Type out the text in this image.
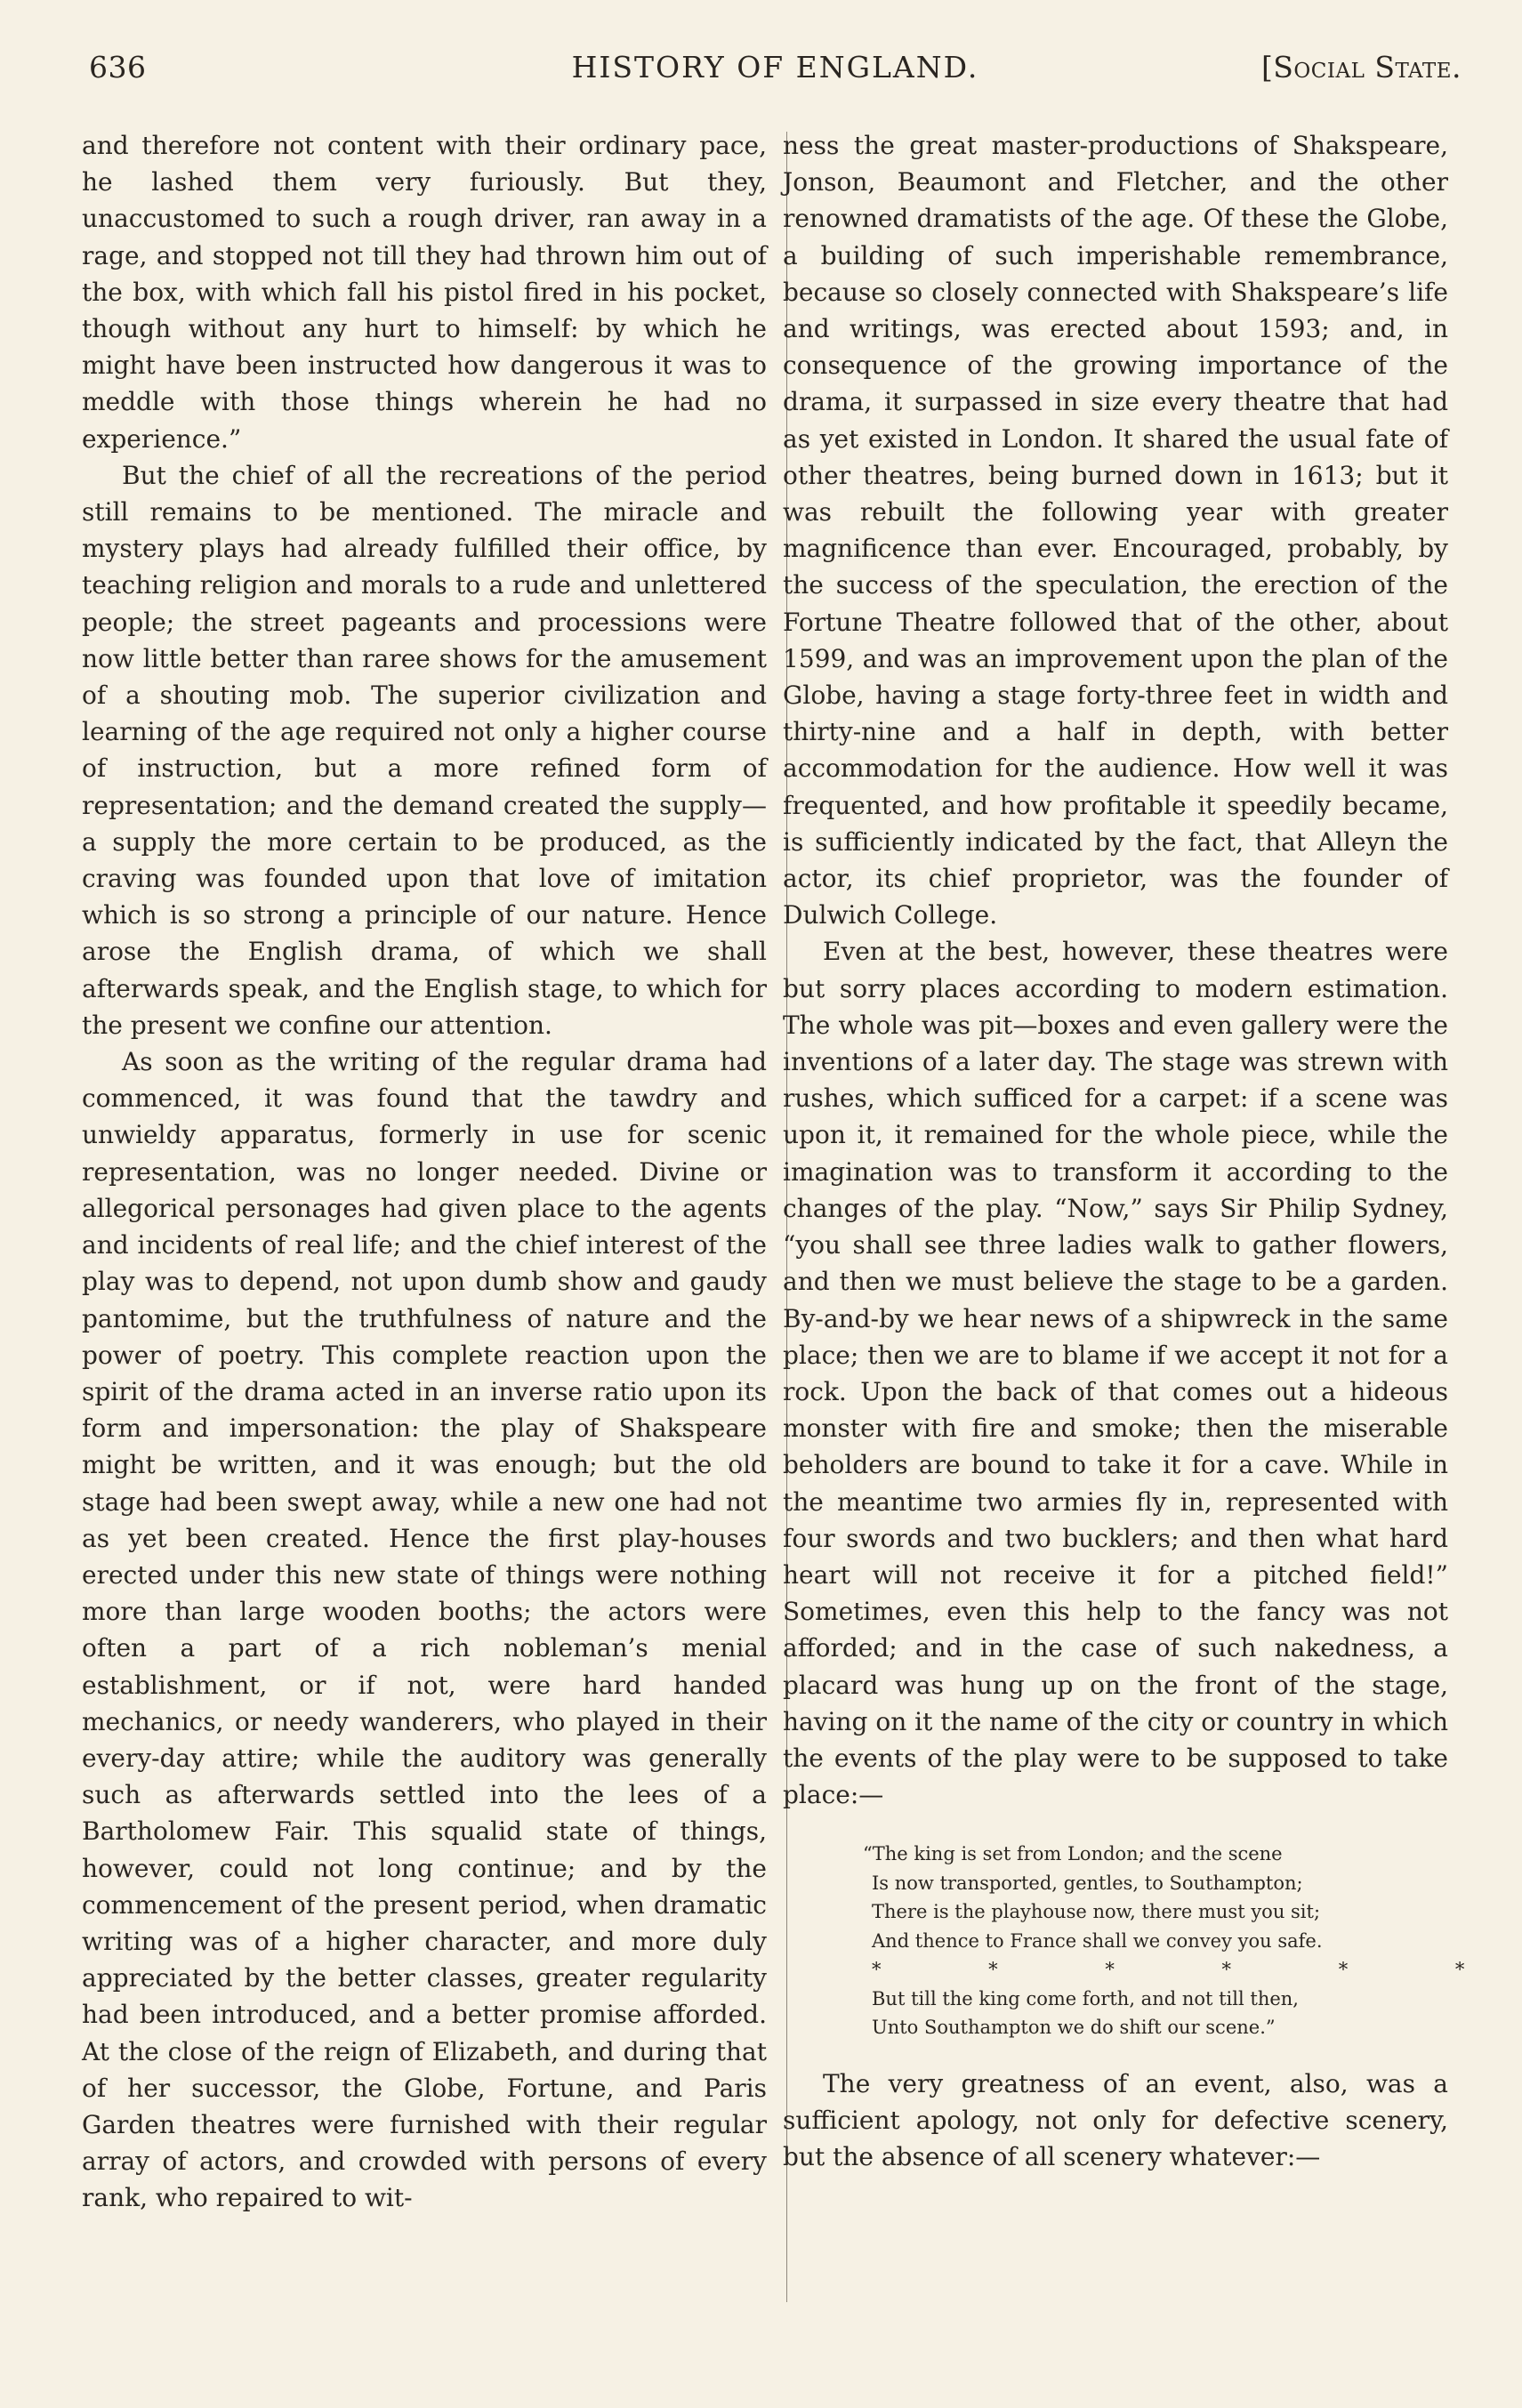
636	HISTORY OF ENGLAND.	[Social State.

and therefore not content with their ordinary pace, he lashed them very furiously. But they, unaccustomed to such a rough driver, ran away in a rage, and stopped not till they had thrown him out of the box, with which fall his pistol fired in his pocket, though without any hurt to himself: by which he might have been instructed how dangerous it was to meddle with those things wherein he had no experience.”

But the chief of all the recreations of the period still remains to be mentioned. The miracle and mystery plays had already fulfilled their office, by teaching religion and morals to a rude and unlettered people; the street pageants and processions were now little better than raree shows for the amusement of a shouting mob. The superior civilization and learning of the age required not only a higher course of instruction, but a more refined form of representation; and the demand created the supply—a supply the more certain to be produced, as the craving was founded upon that love of imitation which is so strong a principle of our nature. Hence arose the English drama, of which we shall afterwards speak, and the English stage, to which for the present we confine our attention.

As soon as the writing of the regular drama had commenced, it was found that the tawdry and unwieldy apparatus, formerly in use for scenic representation, was no longer needed. Divine or allegorical personages had given place to the agents and incidents of real life; and the chief interest of the play was to depend, not upon dumb show and gaudy pantomime, but the truthfulness of nature and the power of poetry. This complete reaction upon the spirit of the drama acted in an inverse ratio upon its form and impersonation: the play of Shakspeare might be written, and it was enough; but the old stage had been swept away, while a new one had not as yet been created. Hence the first play-houses erected under this new state of things were nothing more than large wooden booths; the actors were often a part of a rich nobleman’s menial establishment, or if not, were hard handed mechanics, or needy wanderers, who played in their every-day attire; while the auditory was generally such as afterwards settled into the lees of a Bartholomew Fair. This squalid state of things, however, could not long continue; and by the commencement of the present period, when dramatic writing was of a higher character, and more duly appreciated by the better classes, greater regularity had been introduced, and a better promise afforded. At the close of the reign of Elizabeth, and during that of her successor, the Globe, Fortune, and Paris Garden theatres were furnished with their regular array of actors, and crowded with persons of every rank, who repaired to wit-

ness the great master-productions of Shakspeare, Jonson, Beaumont and Fletcher, and the other renowned dramatists of the age. Of these the Globe, a building of such imperishable remembrance, because so closely connected with Shakspeare’s life and writings, was erected about 1593; and, in consequence of the growing importance of the drama, it surpassed in size every theatre that had as yet existed in London. It shared the usual fate of other theatres, being burned down in 1613; but it was rebuilt the following year with greater magnificence than ever. Encouraged, probably, by the success of the speculation, the erection of the Fortune Theatre followed that of the other, about 1599, and was an improvement upon the plan of the Globe, having a stage forty-three feet in width and thirty-nine and a half in depth, with better accommodation for the audience. How well it was frequented, and how profitable it speedily became, is sufficiently indicated by the fact, that Alleyn the actor, its chief proprietor, was the founder of Dulwich College.

Even at the best, however, these theatres were but sorry places according to modern estimation. The whole was pit—boxes and even gallery were the inventions of a later day. The stage was strewn with rushes, which sufficed for a carpet: if a scene was upon it, it remained for the whole piece, while the imagination was to transform it according to the changes of the play. “Now,” says Sir Philip Sydney, “you shall see three ladies walk to gather flowers, and then we must believe the stage to be a garden. By-and-by we hear news of a shipwreck in the same place; then we are to blame if we accept it not for a rock. Upon the back of that comes out a hideous monster with fire and smoke; then the miserable beholders are bound to take it for a cave. While in the meantime two armies fly in, represented with four swords and two bucklers; and then what hard heart will not receive it for a pitched field!” Sometimes, even this help to the fancy was not afforded; and in the case of such nakedness, a placard was hung up on the front of the stage, having on it the name of the city or country in which the events of the play were to be supposed to take place:—

“The king is set from London; and the scene
Is now transported, gentles, to Southampton;
There is the playhouse now, there must you sit;
And thence to France shall we convey you safe.
* * * * * *
But till the king come forth, and not till then,
Unto Southampton we do shift our scene.”

The very greatness of an event, also, was a sufficient apology, not only for defective scenery, but the absence of all scenery whatever:—
